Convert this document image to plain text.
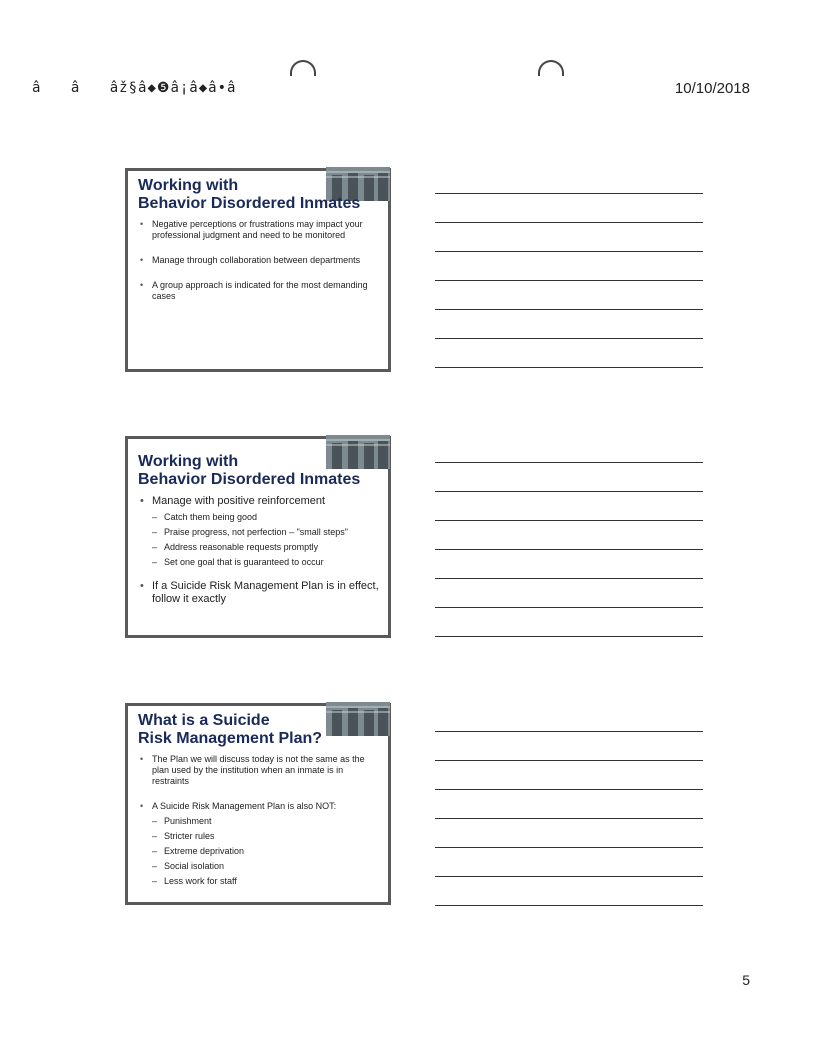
â â âž§â◆❺â¡â◆â•â	10/10/2018
Working with
Behavior Disordered Inmates
• Negative perceptions or frustrations may impact your professional judgment and need to be monitored
• Manage through collaboration between departments
• A group approach is indicated for the most demanding cases
Working with
Behavior Disordered Inmates
• Manage with positive reinforcement
– Catch them being good
– Praise progress, not perfection – "small steps"
– Address reasonable requests promptly
– Set one goal that is guaranteed to occur
• If a Suicide Risk Management Plan is in effect, follow it exactly
What is a Suicide
Risk Management Plan?
• The Plan we will discuss today is not the same as the plan used by the institution when an inmate is in restraints
• A Suicide Risk Management Plan is also NOT:
– Punishment
– Stricter rules
– Extreme deprivation
– Social isolation
– Less work for staff
5
